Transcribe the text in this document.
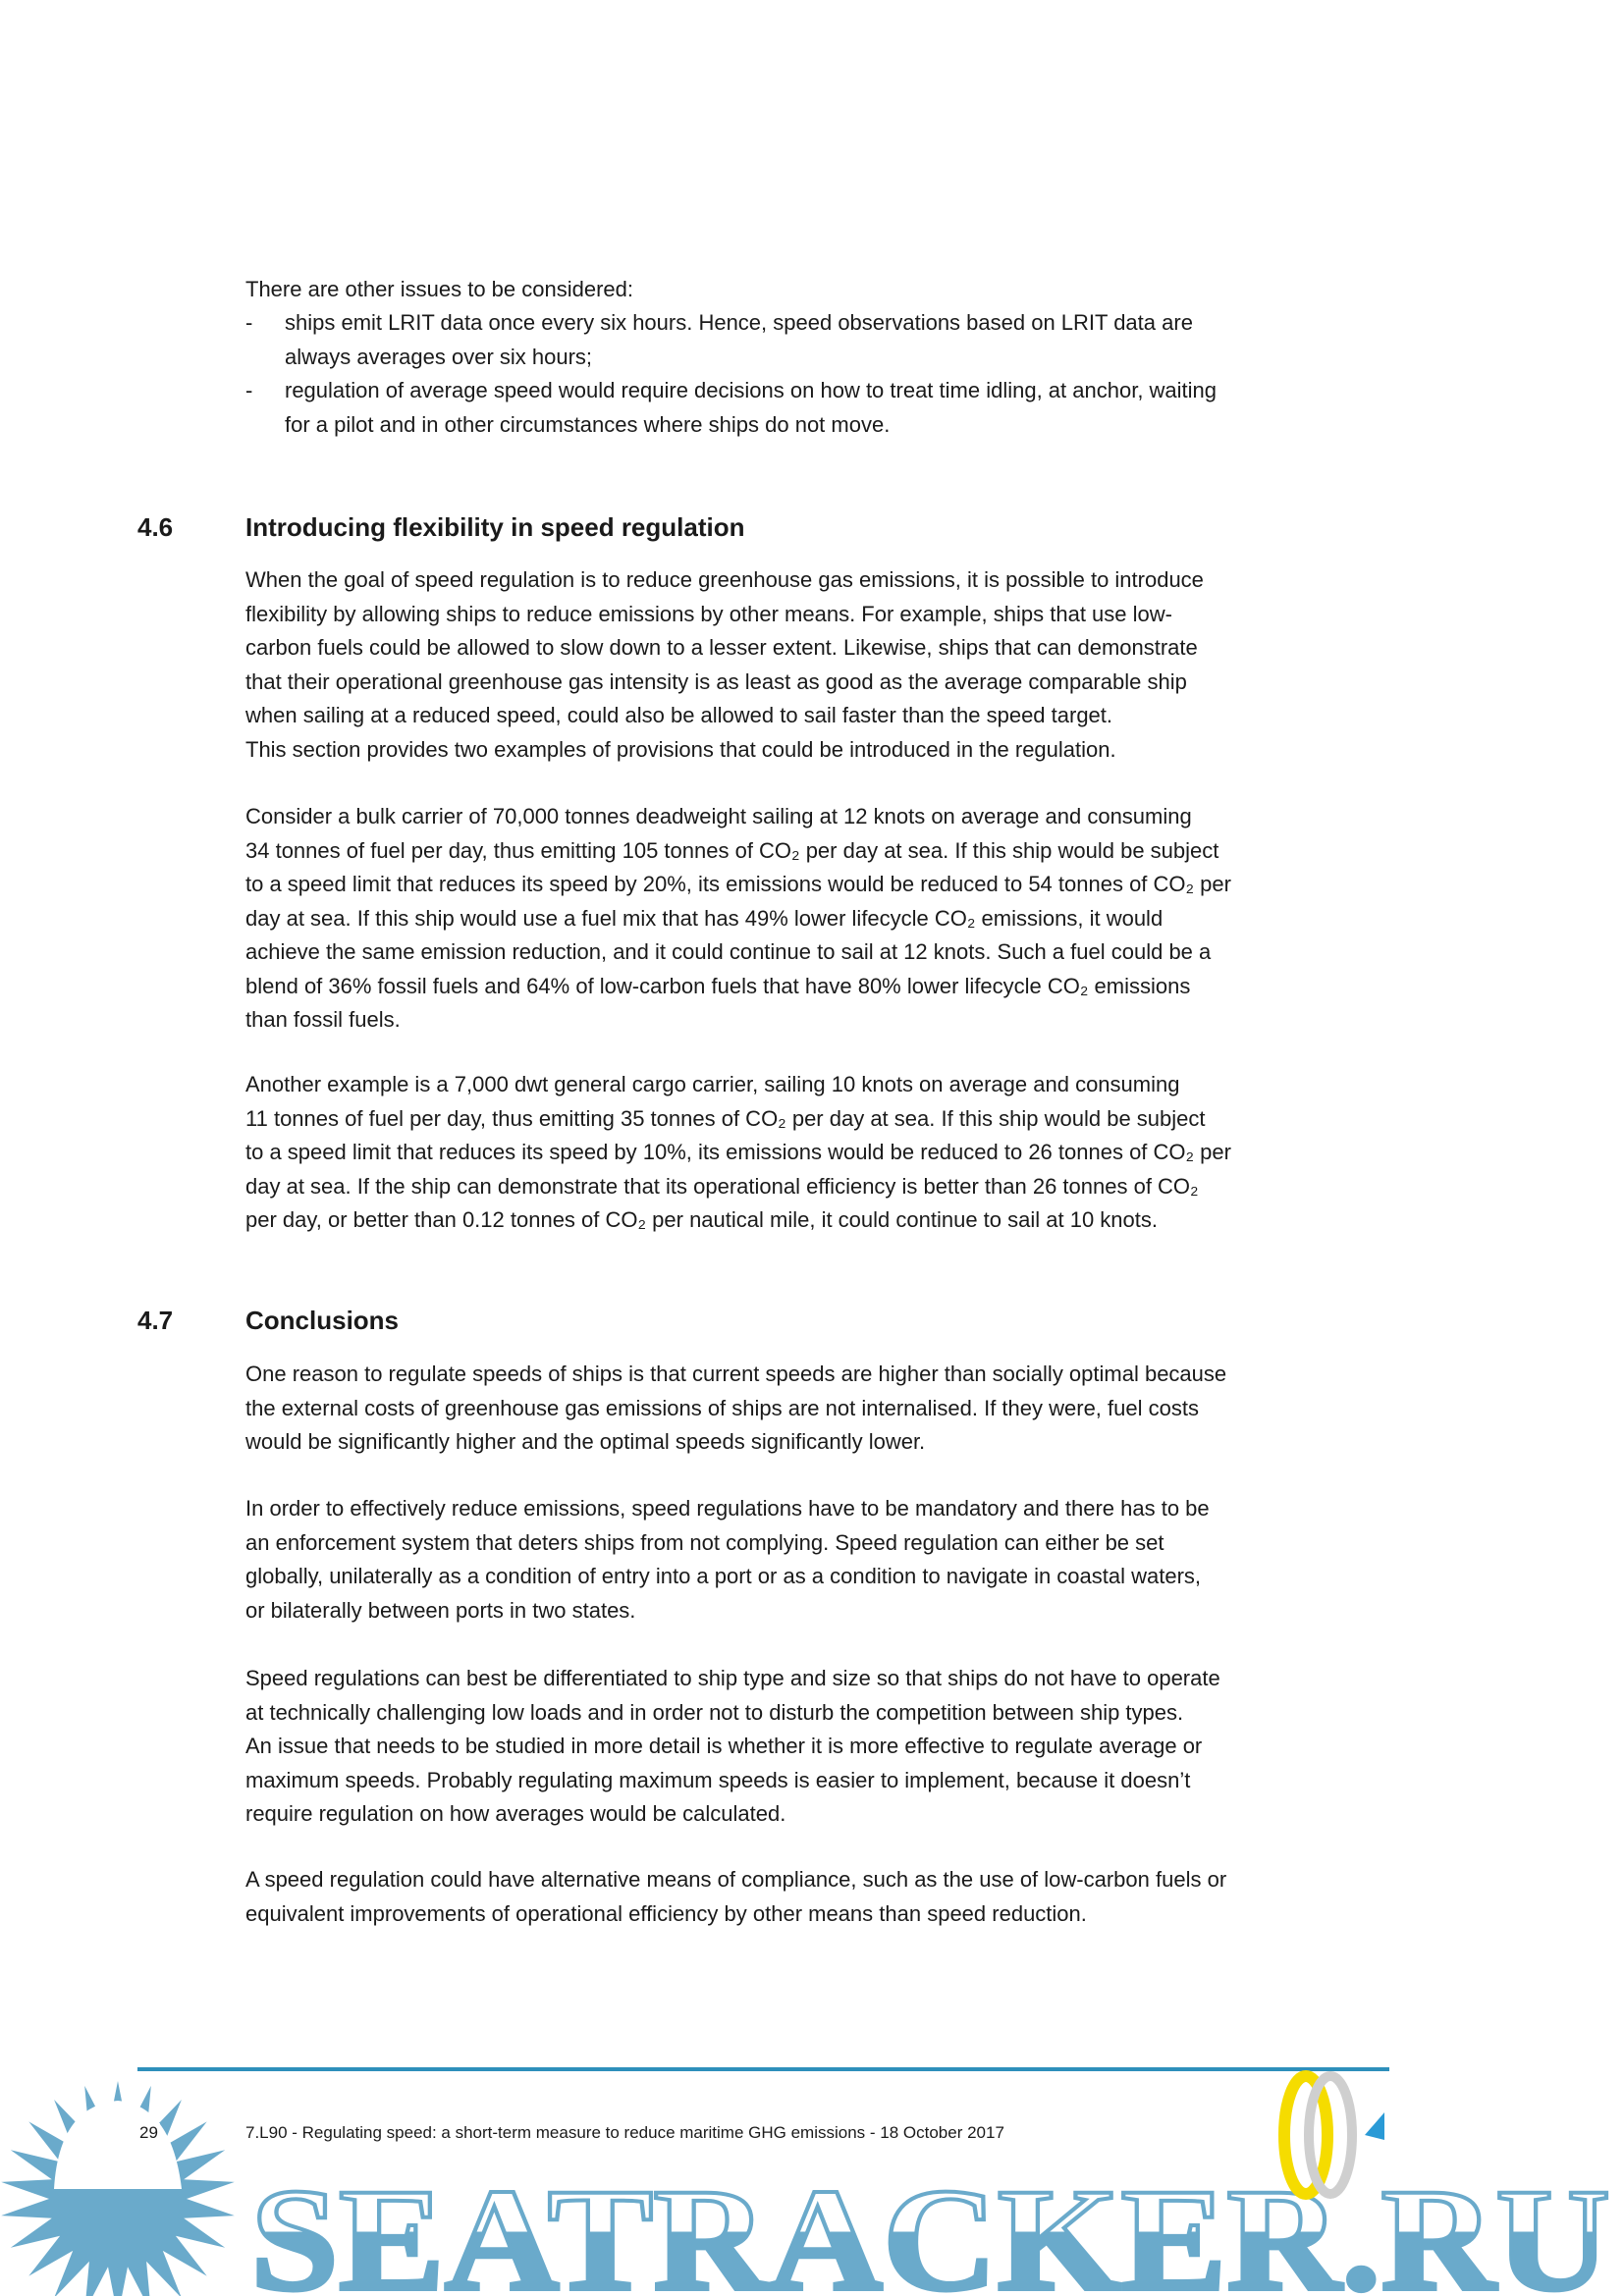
There are other issues to be considered:
- ships emit LRIT data once every six hours. Hence, speed observations based on LRIT data are
always averages over six hours;
- regulation of average speed would require decisions on how to treat time idling, at anchor, waiting
for a pilot and in other circumstances where ships do not move.
4.6	Introducing flexibility in speed regulation
When the goal of speed regulation is to reduce greenhouse gas emissions, it is possible to introduce
flexibility by allowing ships to reduce emissions by other means. For example, ships that use low-
carbon fuels could be allowed to slow down to a lesser extent. Likewise, ships that can demonstrate
that their operational greenhouse gas intensity is as least as good as the average comparable ship
when sailing at a reduced speed, could also be allowed to sail faster than the speed target.
This section provides two examples of provisions that could be introduced in the regulation.
Consider a bulk carrier of 70,000 tonnes deadweight sailing at 12 knots on average and consuming
34 tonnes of fuel per day, thus emitting 105 tonnes of CO₂ per day at sea. If this ship would be subject
to a speed limit that reduces its speed by 20%, its emissions would be reduced to 54 tonnes of CO₂ per
day at sea. If this ship would use a fuel mix that has 49% lower lifecycle CO₂ emissions, it would
achieve the same emission reduction, and it could continue to sail at 12 knots. Such a fuel could be a
blend of 36% fossil fuels and 64% of low-carbon fuels that have 80% lower lifecycle CO₂ emissions
than fossil fuels.
Another example is a 7,000 dwt general cargo carrier, sailing 10 knots on average and consuming
11 tonnes of fuel per day, thus emitting 35 tonnes of CO₂ per day at sea. If this ship would be subject
to a speed limit that reduces its speed by 10%, its emissions would be reduced to 26 tonnes of CO₂ per
day at sea. If the ship can demonstrate that its operational efficiency is better than 26 tonnes of CO₂
per day, or better than 0.12 tonnes of CO₂ per nautical mile, it could continue to sail at 10 knots.
4.7	Conclusions
One reason to regulate speeds of ships is that current speeds are higher than socially optimal because
the external costs of greenhouse gas emissions of ships are not internalised. If they were, fuel costs
would be significantly higher and the optimal speeds significantly lower.
In order to effectively reduce emissions, speed regulations have to be mandatory and there has to be
an enforcement system that deters ships from not complying. Speed regulation can either be set
globally, unilaterally as a condition of entry into a port or as a condition to navigate in coastal waters,
or bilaterally between ports in two states.
Speed regulations can best be differentiated to ship type and size so that ships do not have to operate
at technically challenging low loads and in order not to disturb the competition between ship types.
An issue that needs to be studied in more detail is whether it is more effective to regulate average or
maximum speeds. Probably regulating maximum speeds is easier to implement, because it doesn’t
require regulation on how averages would be calculated.
A speed regulation could have alternative means of compliance, such as the use of low-carbon fuels or
equivalent improvements of operational efficiency by other means than speed reduction.
SEATRACKER.RU
29	7.L90 - Regulating speed: a short-term measure to reduce maritime GHG emissions - 18 October 2017
